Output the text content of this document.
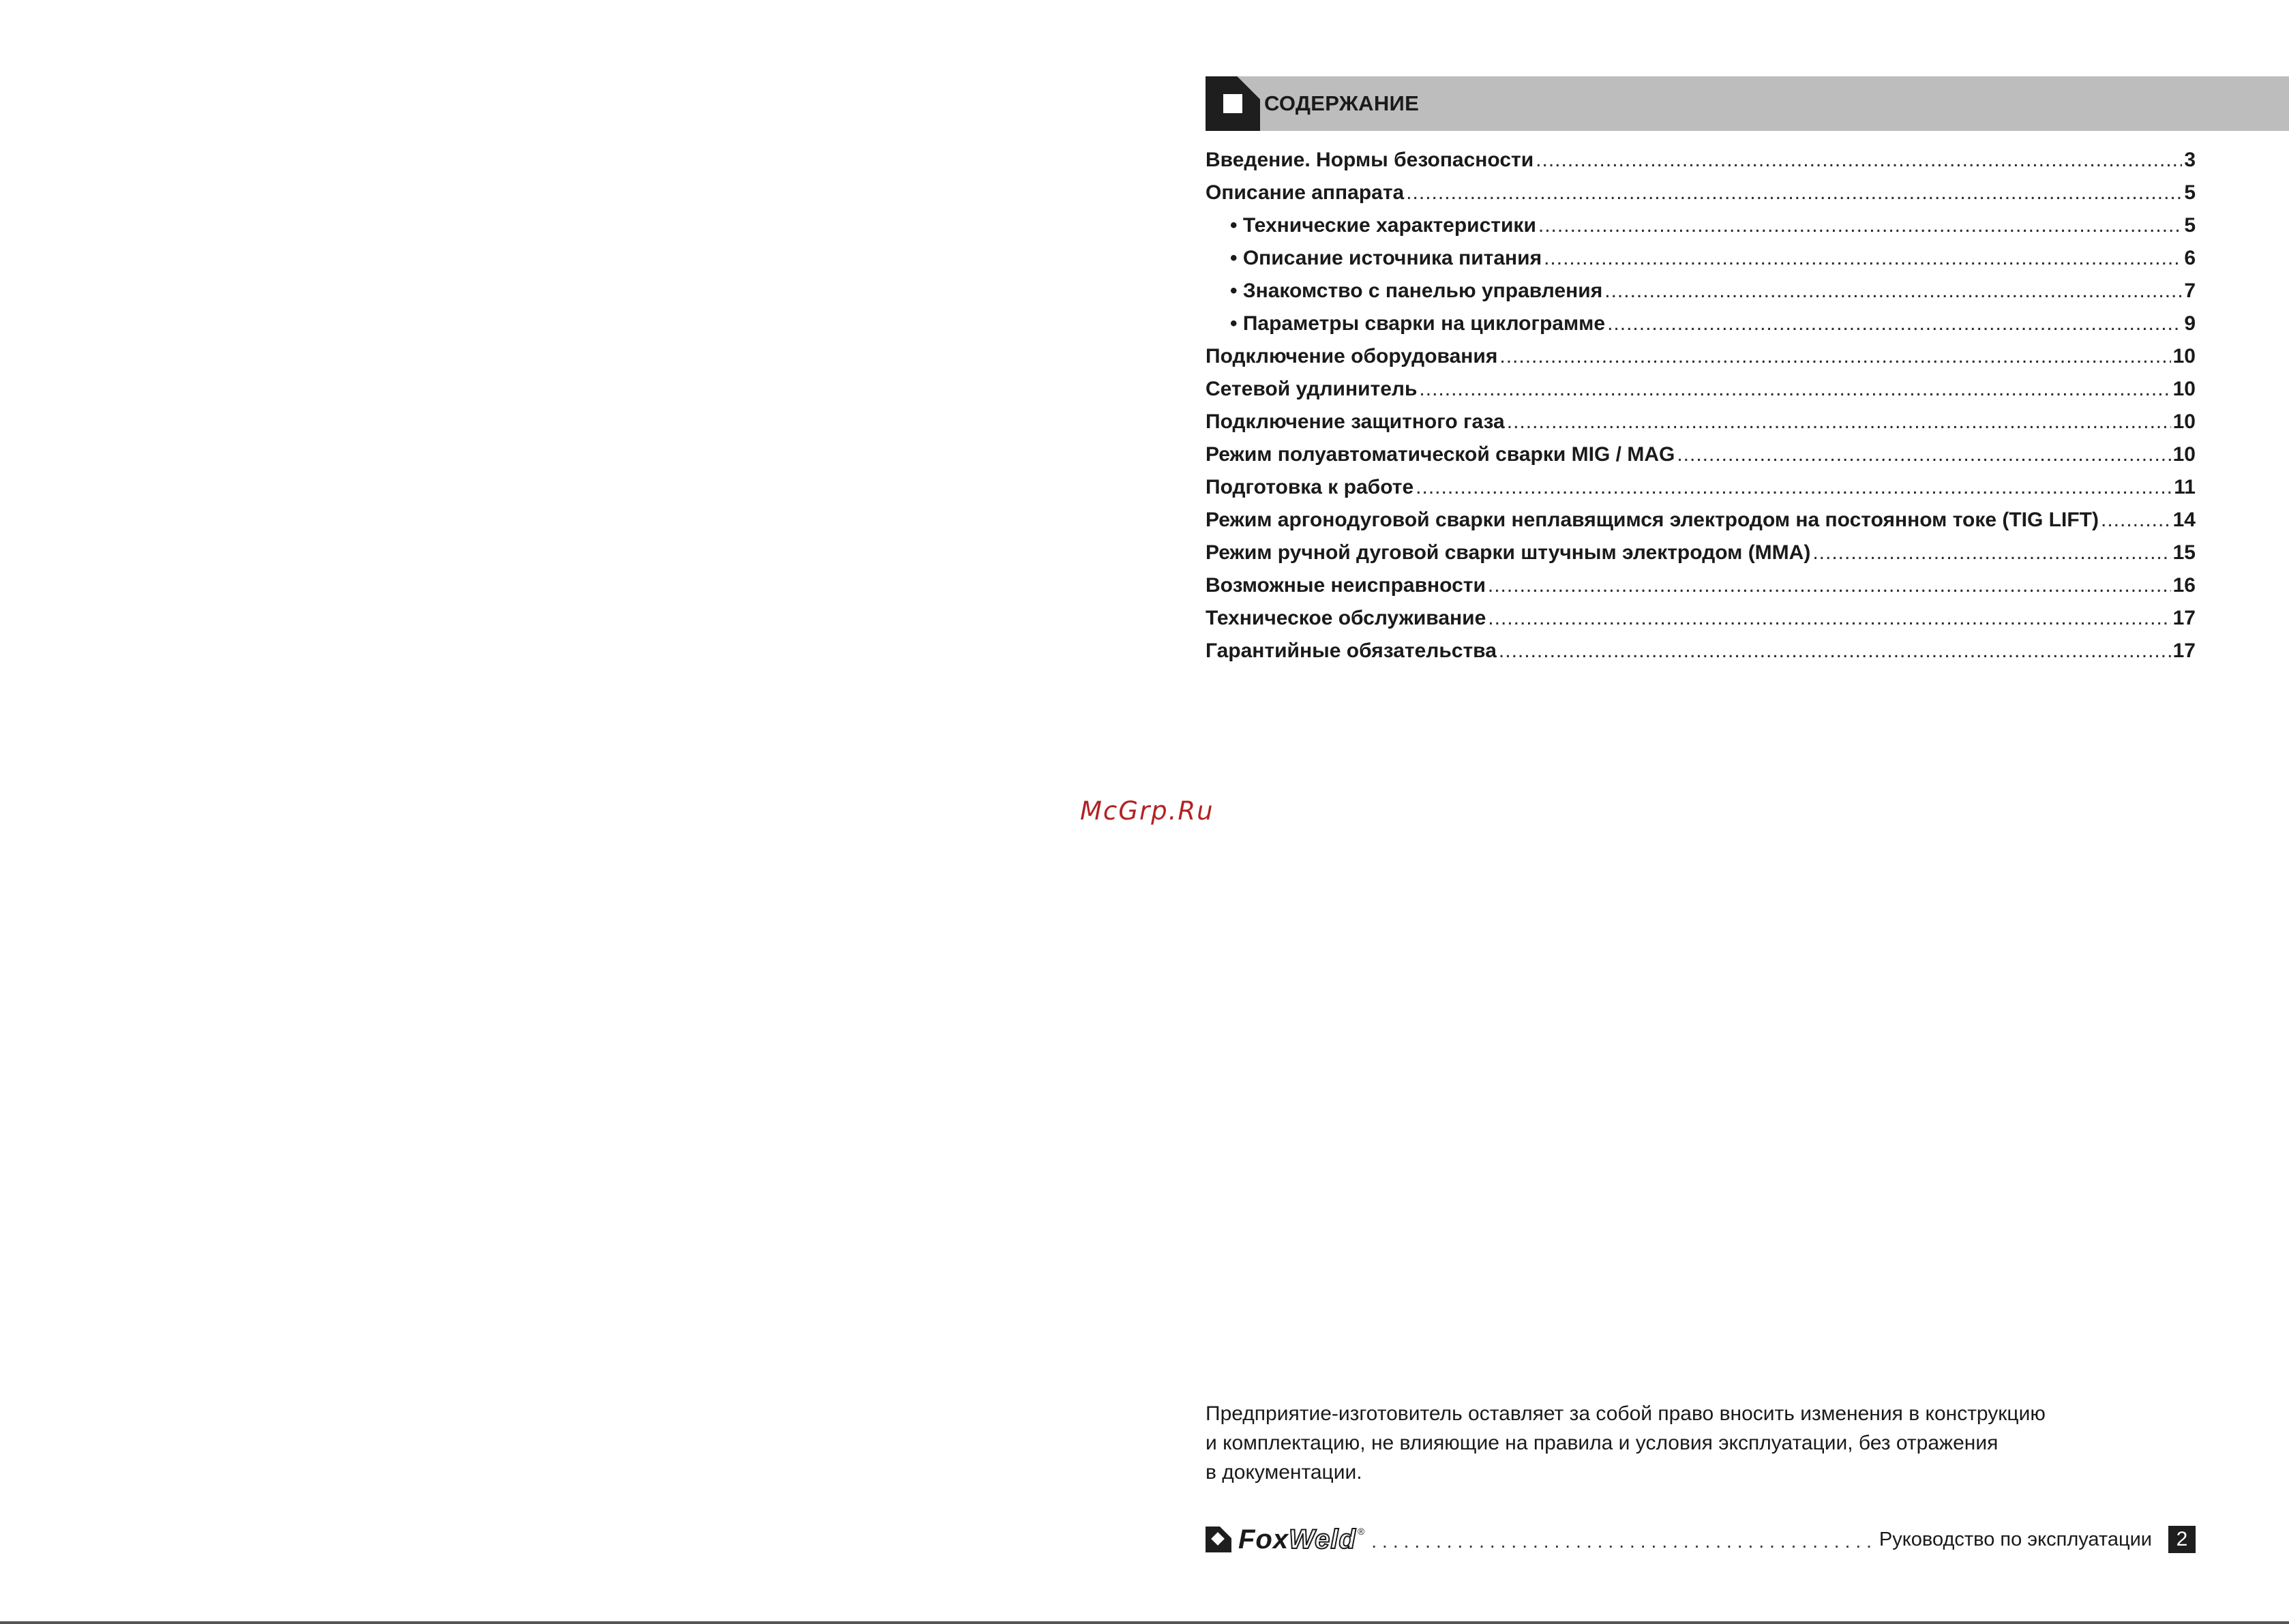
СОДЕРЖАНИЕ
Введение. Нормы безопасности .....	3
Описание аппарата .....	5
• Технические характеристики .....	5
• Описание источника питания .....	6
• Знакомство с панелью управления .....	7
• Параметры сварки на циклограмме .....	9
Подключение оборудования .....	10
Сетевой удлинитель .....	10
Подключение защитного газа .....	10
Режим полуавтоматической сварки MIG / MAG .....	10
Подготовка к работе .....	11
Режим аргонодуговой сварки неплавящимся электродом на постоянном токе (TIG LIFT) .....	14
Режим ручной дуговой сварки штучным электродом (MMA) .....	15
Возможные неисправности .....	16
Техническое обслуживание .....	17
Гарантийные обязательства .....	17
McGrp.Ru
Предприятие-изготовитель оставляет за собой право вносить изменения в конструкцию
и комплектацию, не влияющие на правила и условия эксплуатации, без отражения
в документации.
FoxWeld ® .....	Руководство по эксплуатации	2
